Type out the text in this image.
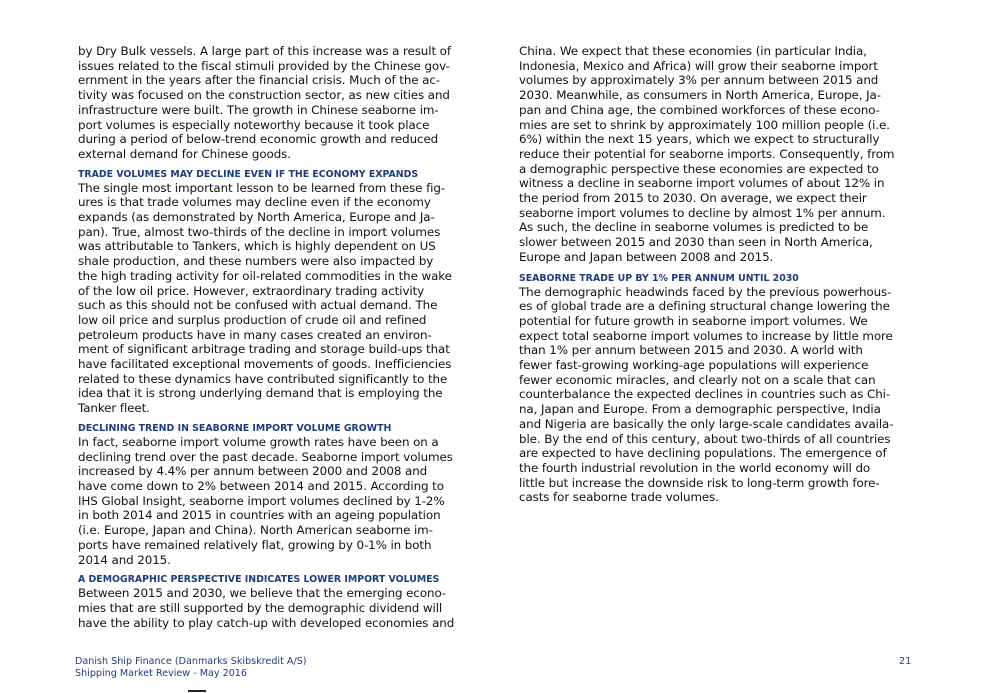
by Dry Bulk vessels. A large part of this increase was a result of
issues related to the fiscal stimuli provided by the Chinese gov-
ernment in the years after the financial crisis. Much of the ac-
tivity was focused on the construction sector, as new cities and
infrastructure were built. The growth in Chinese seaborne im-
port volumes is especially noteworthy because it took place
during a period of below-trend economic growth and reduced
external demand for Chinese goods.

TRADE VOLUMES MAY DECLINE EVEN IF THE ECONOMY EXPANDS

The single most important lesson to be learned from these fig-
ures is that trade volumes may decline even if the economy
expands (as demonstrated by North America, Europe and Ja-
pan). True, almost two-thirds of the decline in import volumes
was attributable to Tankers, which is highly dependent on US
shale production, and these numbers were also impacted by
the high trading activity for oil-related commodities in the wake
of the low oil price. However, extraordinary trading activity
such as this should not be confused with actual demand. The
low oil price and surplus production of crude oil and refined
petroleum products have in many cases created an environ-
ment of significant arbitrage trading and storage build-ups that
have facilitated exceptional movements of goods. Inefficiencies
related to these dynamics have contributed significantly to the
idea that it is strong underlying demand that is employing the
Tanker fleet.

DECLINING TREND IN SEABORNE IMPORT VOLUME GROWTH

In fact, seaborne import volume growth rates have been on a
declining trend over the past decade. Seaborne import volumes
increased by 4.4% per annum between 2000 and 2008 and
have come down to 2% between 2014 and 2015. According to
IHS Global Insight, seaborne import volumes declined by 1-2%
in both 2014 and 2015 in countries with an ageing population
(i.e. Europe, Japan and China). North American seaborne im-
ports have remained relatively flat, growing by 0-1% in both
2014 and 2015.

A DEMOGRAPHIC PERSPECTIVE INDICATES LOWER IMPORT VOLUMES

Between 2015 and 2030, we believe that the emerging econo-
mies that are still supported by the demographic dividend will
have the ability to play catch-up with developed economies and

China. We expect that these economies (in particular India,
Indonesia, Mexico and Africa) will grow their seaborne import
volumes by approximately 3% per annum between 2015 and
2030. Meanwhile, as consumers in North America, Europe, Ja-
pan and China age, the combined workforces of these econo-
mies are set to shrink by approximately 100 million people (i.e.
6%) within the next 15 years, which we expect to structurally
reduce their potential for seaborne imports. Consequently, from
a demographic perspective these economies are expected to
witness a decline in seaborne import volumes of about 12% in
the period from 2015 to 2030. On average, we expect their
seaborne import volumes to decline by almost 1% per annum.
As such, the decline in seaborne volumes is predicted to be
slower between 2015 and 2030 than seen in North America,
Europe and Japan between 2008 and 2015.

SEABORNE TRADE UP BY 1% PER ANNUM UNTIL 2030

The demographic headwinds faced by the previous powerhous-
es of global trade are a defining structural change lowering the
potential for future growth in seaborne import volumes. We
expect total seaborne import volumes to increase by little more
than 1% per annum between 2015 and 2030. A world with
fewer fast-growing working-age populations will experience
fewer economic miracles, and clearly not on a scale that can
counterbalance the expected declines in countries such as Chi-
na, Japan and Europe. From a demographic perspective, India
and Nigeria are basically the only large-scale candidates availa-
ble. By the end of this century, about two-thirds of all countries
are expected to have declining populations. The emergence of
the fourth industrial revolution in the world economy will do
little but increase the downside risk to long-term growth fore-
casts for seaborne trade volumes.

Danish Ship Finance (Danmarks Skibskredit A/S)
Shipping Market Review - May 2016
21
